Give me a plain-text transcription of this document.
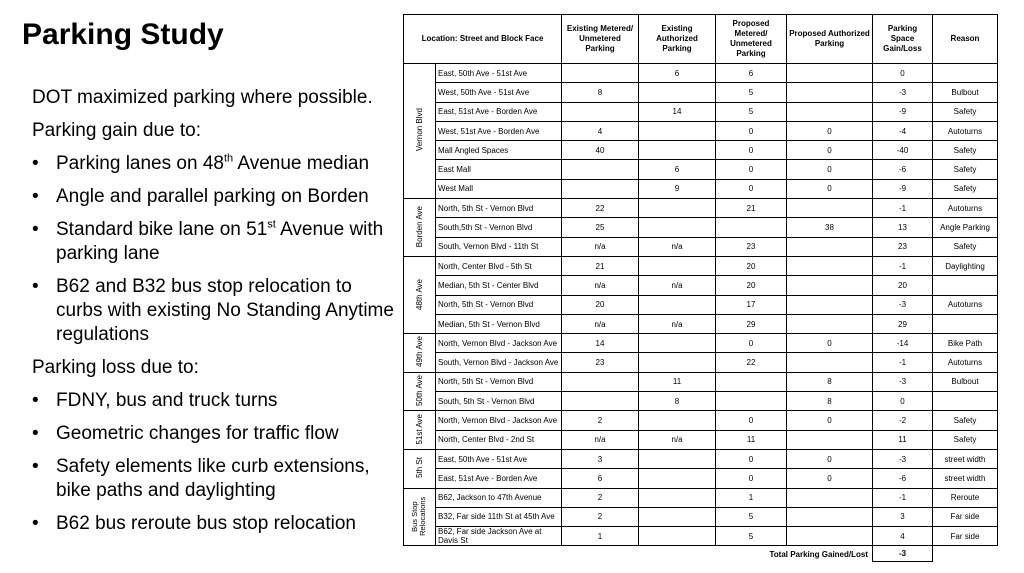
Parking Study
DOT maximized parking where possible.
Parking gain due to:
• Parking lanes on 48th Avenue median
• Angle and parallel parking on Borden
• Standard bike lane on 51st Avenue with parking lane
• B62 and B32 bus stop relocation to curbs with existing No Standing Anytime regulations
Parking loss due to:
• FDNY, bus and truck turns
• Geometric changes for traffic flow
• Safety elements like curb extensions, bike paths and daylighting
• B62 bus reroute bus stop relocation
Location: Street and Block Face		Existing Metered/ Unmetered Parking	Existing Authorized Parking	Proposed Metered/ Unmetered Parking	Proposed Authorized Parking	Parking Space Gain/Loss	Reason
Vernon Blvd	East, 50th Ave - 51st Ave		6	6		0	
	West, 50th Ave - 51st Ave	8		5		-3	Bulbout
	East, 51st Ave - Borden Ave		14	5		-9	Safety
	West, 51st Ave - Borden Ave	4		0	0	-4	Autoturns
	Mall Angled Spaces	40		0	0	-40	Safety
	East Mall		6	0	0	-6	Safety
	West Mall		9	0	0	-9	Safety
Borden Ave	North, 5th St - Vernon Blvd	22		21		-1	Autoturns
	South,5th St - Vernon Blvd	25			38	13	Angle Parking
	South, Vernon Blvd - 11th St	n/a	n/a	23		23	Safety
48th Ave	North, Center Blvd - 5th St	21		20		-1	Daylighting
	Median, 5th St - Center Blvd	n/a	n/a	20		20	
	North, 5th St - Vernon Blvd	20		17		-3	Autoturns
	Median, 5th St - Vernon Blvd	n/a	n/a	29		29	
49th Ave	North, Vernon Blvd - Jackson Ave	14		0	0	-14	Bike Path
	South, Vernon Blvd - Jackson Ave	23		22		-1	Autoturns
50th Ave	North, 5th St - Vernon Blvd		11		8	-3	Bulbout
	South, 5th St - Vernon Blvd		8		8	0	
51st Ave	North, Vernon Blvd - Jackson Ave	2		0	0	-2	Safety
	North, Center Blvd - 2nd St	n/a	n/a	11		11	Safety
5th St	East, 50th Ave - 51st Ave	3		0	0	-3	street width
	East, 51st Ave - Borden Ave	6		0	0	-6	street width
Bus Stop Relocations	B62, Jackson to 47th Avenue	2		1		-1	Reroute
	B32, Far side 11th St at 45th Ave	2		5		3	Far side
	B62, Far side Jackson Ave at Davis St	1		5		4	Far side
		Total Parking Gained/Lost				-3	
